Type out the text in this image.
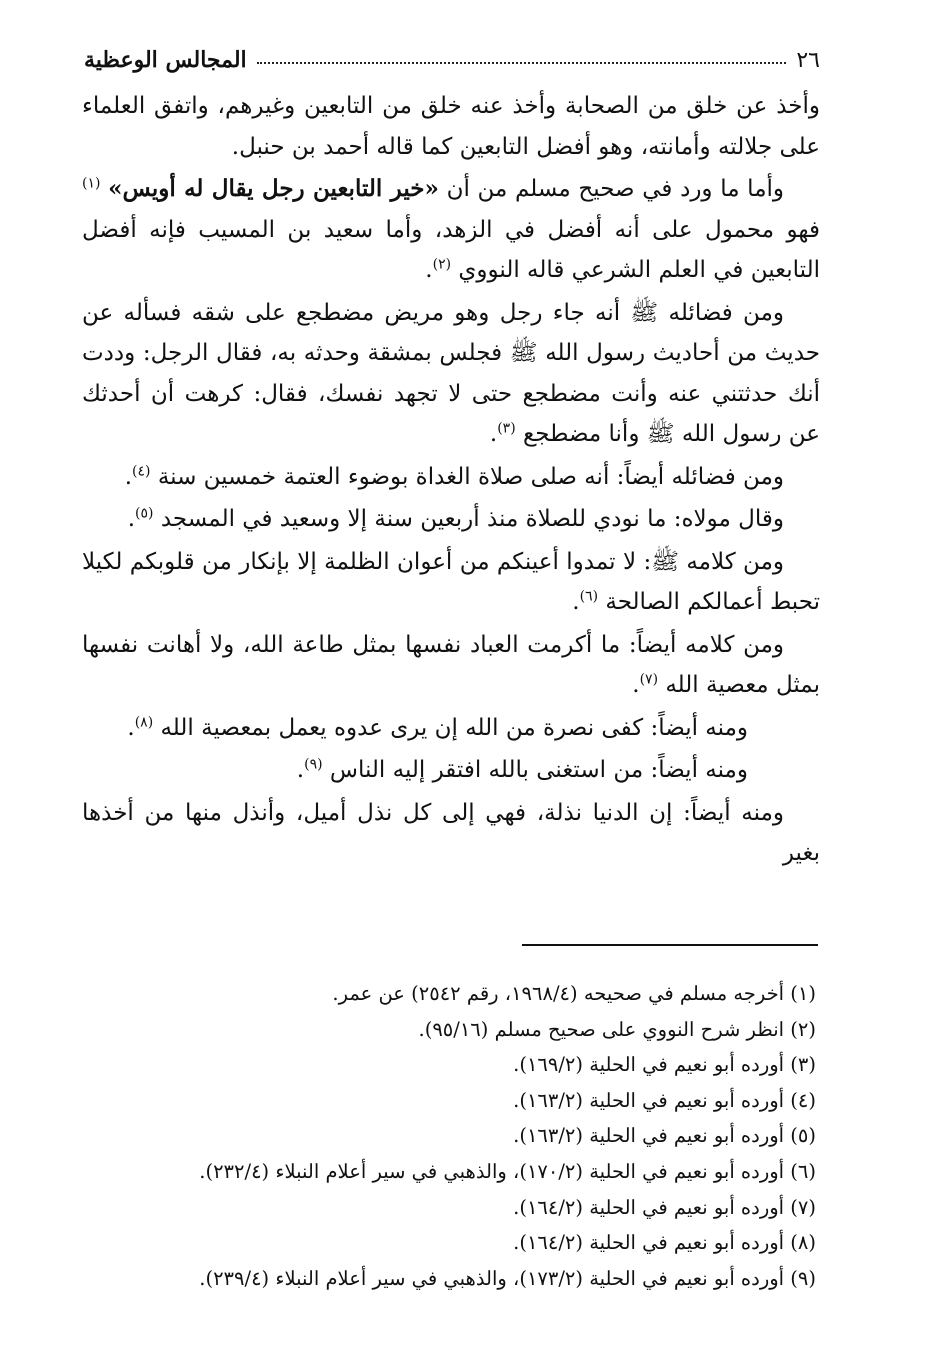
٢٦
المجالس الوعظية

وأخذ عن خلق من الصحابة وأخذ عنه خلق من التابعين وغيرهم، واتفق العلماء على جلالته وأمانته، وهو أفضل التابعين كما قاله أحمد بن حنبل.

وأما ما ورد في صحيح مسلم من أن «خير التابعين رجل يقال له أويس» $^{(١)}$ فهو محمول على أنه أفضل في الزهد، وأما سعيد بن المسيب فإنه أفضل التابعين في العلم الشرعي قاله النووي $^{(٢)}$.

ومن فضائله ﷺ أنه جاء رجل وهو مريض مضطجع على شقه فسأله عن حديث من أحاديث رسول الله ﷺ فجلس بمشقة وحدثه به، فقال الرجل: وددت أنك حدثتني عنه وأنت مضطجع حتى لا تجهد نفسك، فقال: كرهت أن أحدثك عن رسول الله ﷺ وأنا مضطجع $^{(٣)}$.

ومن فضائله أيضاً: أنه صلى صلاة الغداة بوضوء العتمة خمسين سنة $^{(٤)}$.

وقال مولاه: ما نودي للصلاة منذ أربعين سنة إلا وسعيد في المسجد $^{(٥)}$.

ومن كلامه ﷺ: لا تمدوا أعينكم من أعوان الظلمة إلا بإنكار من قلوبكم لكيلا تحبط أعمالكم الصالحة $^{(٦)}$.

ومن كلامه أيضاً: ما أكرمت العباد نفسها بمثل طاعة الله، ولا أهانت نفسها بمثل معصية الله $^{(٧)}$.

ومنه أيضاً: كفى نصرة من الله إن يرى عدوه يعمل بمعصية الله $^{(٨)}$.

ومنه أيضاً: من استغنى بالله افتقر إليه الناس $^{(٩)}$.

ومنه أيضاً: إن الدنيا نذلة، فهي إلى كل نذل أميل، وأنذل منها من أخذها بغير

(١) أخرجه مسلم في صحيحه (١٩٦٨/٤، رقم ٢٥٤٢) عن عمر.

(٢) انظر شرح النووي على صحيح مسلم (٩٥/١٦).

(٣) أورده أبو نعيم في الحلية (١٦٩/٢).

(٤) أورده أبو نعيم في الحلية (١٦٣/٢).

(٥) أورده أبو نعيم في الحلية (١٦٣/٢).

(٦) أورده أبو نعيم في الحلية (١٧٠/٢)، والذهبي في سير أعلام النبلاء (٢٣٢/٤).

(٧) أورده أبو نعيم في الحلية (١٦٤/٢).

(٨) أورده أبو نعيم في الحلية (١٦٤/٢).

(٩) أورده أبو نعيم في الحلية (١٧٣/٢)، والذهبي في سير أعلام النبلاء (٢٣٩/٤).
